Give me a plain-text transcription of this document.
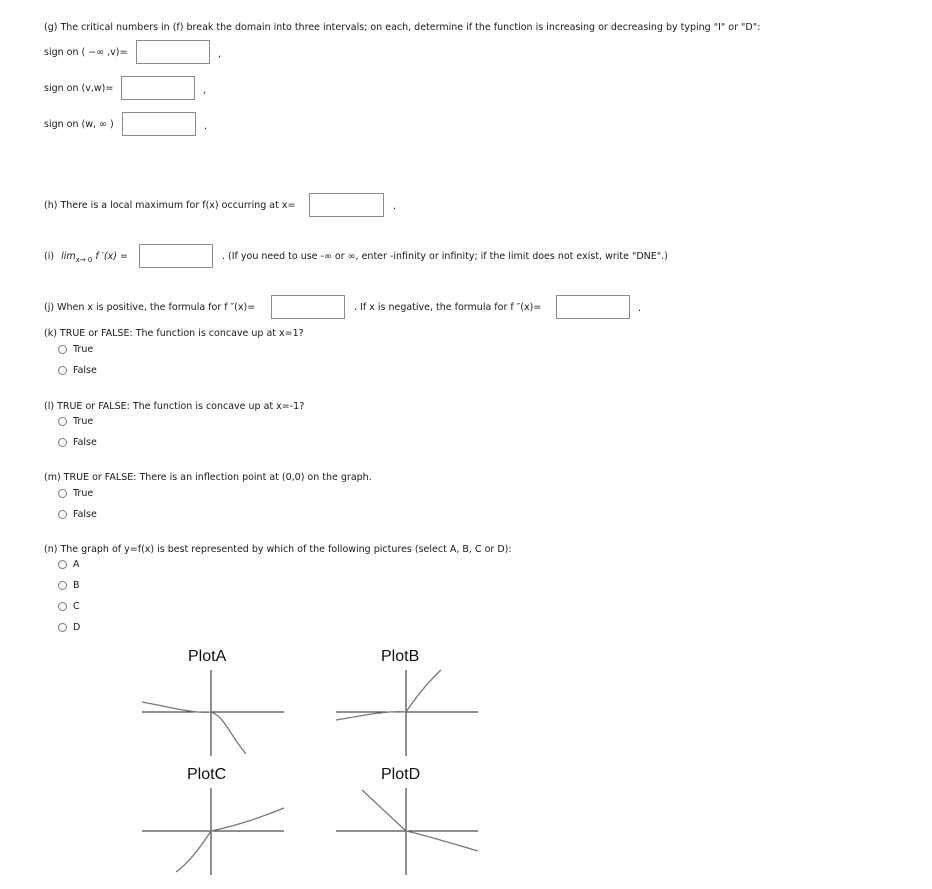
(g) The critical numbers in (f) break the domain into three intervals; on each, determine if the function is increasing or decreasing by typing "I" or "D":
sign on ( −∞ ,v)=	,
sign on (v,w)=	,
sign on (w, ∞ )	.
(h) There is a local maximum for f(x) occurring at x=	.
(i) $\lim_{x\to 0} f$ ′(x) =	. (If you need to use -∞ or ∞, enter -infinity or infinity; if the limit does not exist, write "DNE".)
(j) When x is positive, the formula for f ″(x)=	. If x is negative, the formula for f ″(x)=	.
(k) TRUE or FALSE: The function is concave up at x=1?
True
False
(l) TRUE or FALSE: The function is concave up at x=-1?
True
False
(m) TRUE or FALSE: There is an inflection point at (0,0) on the graph.
True
False
(n) The graph of y=f(x) is best represented by which of the following pictures (select A, B, C or D):
A
B
C
D
PlotA	PlotB
PlotC	PlotD
